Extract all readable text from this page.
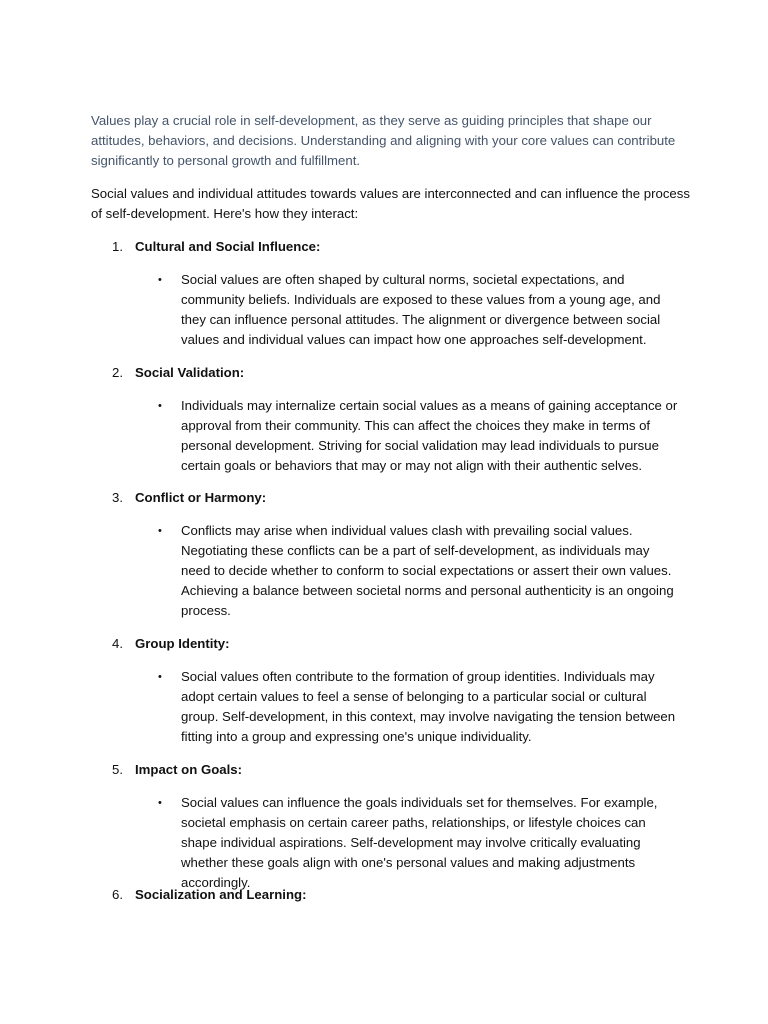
Values play a crucial role in self-development, as they serve as guiding principles that shape our attitudes, behaviors, and decisions. Understanding and aligning with your core values can contribute significantly to personal growth and fulfillment.

Social values and individual attitudes towards values are interconnected and can influence the process of self-development. Here's how they interact:

1. Cultural and Social Influence:
• Social values are often shaped by cultural norms, societal expectations, and community beliefs. Individuals are exposed to these values from a young age, and they can influence personal attitudes. The alignment or divergence between social values and individual values can impact how one approaches self-development.

2. Social Validation:
• Individuals may internalize certain social values as a means of gaining acceptance or approval from their community. This can affect the choices they make in terms of personal development. Striving for social validation may lead individuals to pursue certain goals or behaviors that may or may not align with their authentic selves.

3. Conflict or Harmony:
• Conflicts may arise when individual values clash with prevailing social values. Negotiating these conflicts can be a part of self-development, as individuals may need to decide whether to conform to social expectations or assert their own values. Achieving a balance between societal norms and personal authenticity is an ongoing process.

4. Group Identity:
• Social values often contribute to the formation of group identities. Individuals may adopt certain values to feel a sense of belonging to a particular social or cultural group. Self-development, in this context, may involve navigating the tension between fitting into a group and expressing one's unique individuality.

5. Impact on Goals:
• Social values can influence the goals individuals set for themselves. For example, societal emphasis on certain career paths, relationships, or lifestyle choices can shape individual aspirations. Self-development may involve critically evaluating whether these goals align with one's personal values and making adjustments accordingly.

6. Socialization and Learning:
